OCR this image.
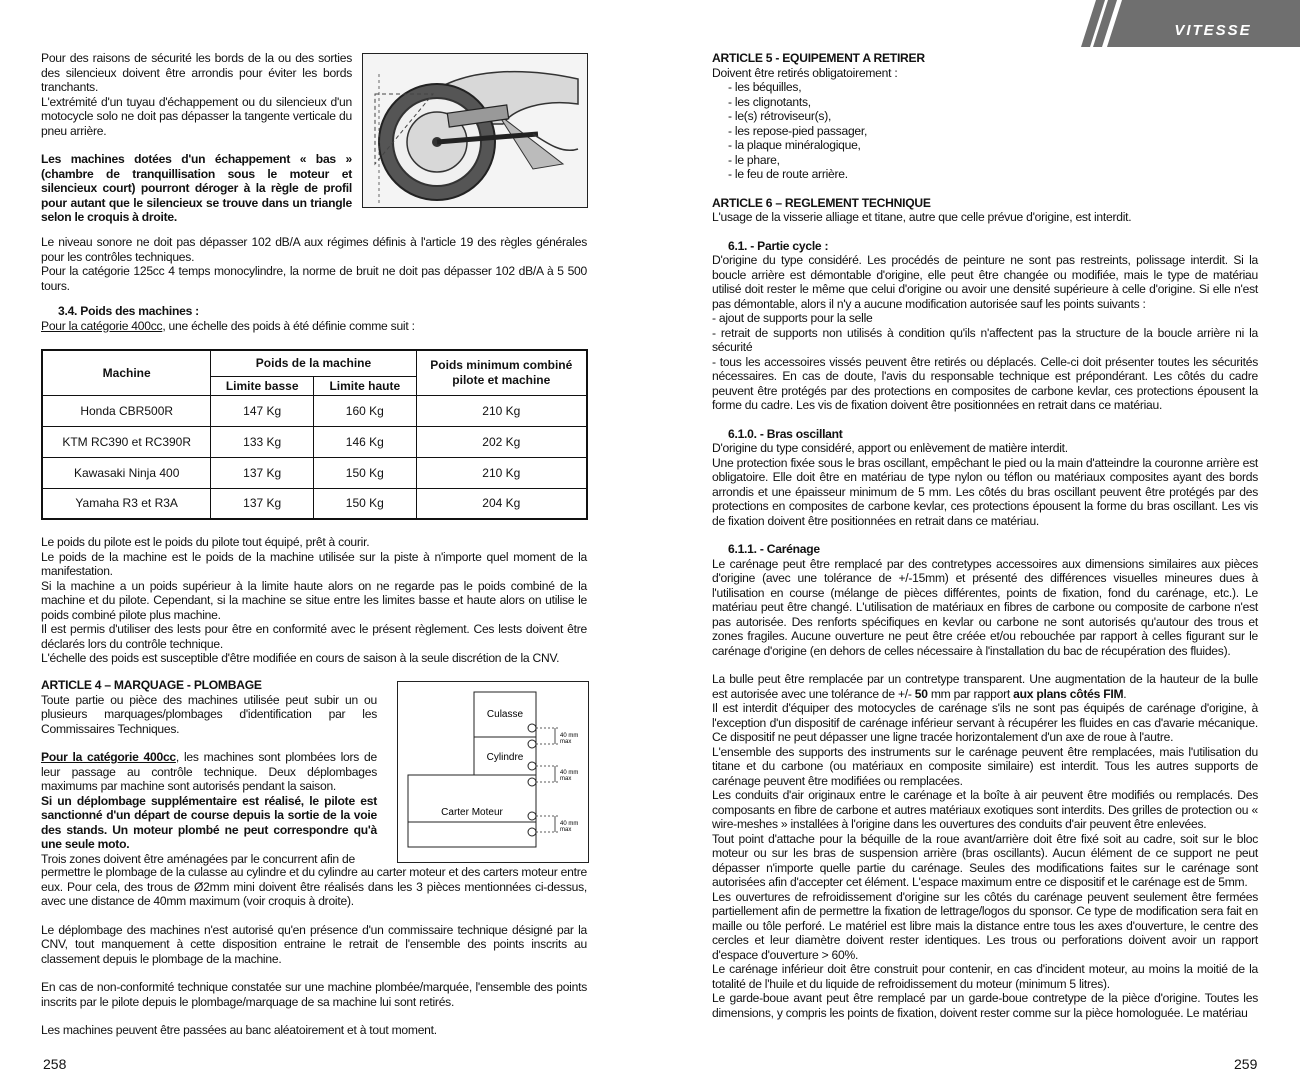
VITESSE

Pour des raisons de sécurité les bords de la ou des sorties des silencieux doivent être arrondis pour éviter les bords tranchants.

L'extrémité d'un tuyau d'échappement ou du silencieux d'un motocycle solo ne doit pas dépasser la tangente verticale du pneu arrière.

Les machines dotées d'un échappement « bas » (chambre de tranquillisation sous le moteur et silencieux court) pourront déroger à la règle de profil pour autant que le silencieux se trouve dans un triangle selon le croquis à droite.

Le niveau sonore ne doit pas dépasser 102 dB/A aux régimes définis à l'article 19 des règles générales pour les contrôles techniques.

Pour la catégorie 125cc 4 temps monocylindre, la norme de bruit ne doit pas dépasser 102 dB/A à 5 500 tours.

3.4. Poids des machines :

Pour la catégorie 400cc, une échelle des poids à été définie comme suit :

Machine	Poids de la machine		Poids minimum combiné pilote et machine
	Limite basse	Limite haute	
Honda CBR500R	147 Kg	160 Kg	210 Kg
KTM RC390 et RC390R	133 Kg	146 Kg	202 Kg
Kawasaki Ninja 400	137 Kg	150 Kg	210 Kg
Yamaha R3 et R3A	137 Kg	150 Kg	204 Kg

Le poids du pilote est le poids du pilote tout équipé, prêt à courir.

Le poids de la machine est le poids de la machine utilisée sur la piste à n'importe quel moment de la manifestation.

Si la machine a un poids supérieur à la limite haute alors on ne regarde pas le poids combiné de la machine et du pilote. Cependant, si la machine se situe entre les limites basse et haute alors on utilise le poids combiné pilote plus machine.

Il est permis d'utiliser des lests pour être en conformité avec le présent règlement. Ces lests doivent être déclarés lors du contrôle technique.

L'échelle des poids est susceptible d'être modifiée en cours de saison à la seule discrétion de la CNV.

ARTICLE 4 – MARQUAGE - PLOMBAGE

Toute partie ou pièce des machines utilisée peut subir un ou plusieurs marquages/plombages d'identification par les Commissaires Techniques.

Pour la catégorie 400cc, les machines sont plombées lors de leur passage au contrôle technique. Deux déplombages maximums par machine sont autorisés pendant la saison.

Si un déplombage supplémentaire est réalisé, le pilote est sanctionné d'un départ de course depuis la sortie de la voie des stands. Un moteur plombé ne peut correspondre qu'à une seule moto.

Trois zones doivent être aménagées par le concurrent afin de

Culasse
Cylindre
Carter Moteur
40 mm
max
40 mm
max
40 mm
max

permettre le plombage de la culasse au cylindre et du cylindre au carter moteur et des carters moteur entre eux. Pour cela, des trous de Ø2mm mini doivent être réalisés dans les 3 pièces mentionnées ci-dessus, avec une distance de 40mm maximum (voir croquis à droite).

Le déplombage des machines n'est autorisé qu'en présence d'un commissaire technique désigné par la CNV, tout manquement à cette disposition entraine le retrait de l'ensemble des points inscrits au classement depuis le plombage de la machine.

En cas de non-conformité technique constatée sur une machine plombée/marquée, l'ensemble des points inscrits par le pilote depuis le plombage/marquage de sa machine lui sont retirés.

Les machines peuvent être passées au banc aléatoirement et à tout moment.

258

ARTICLE 5 - EQUIPEMENT A RETIRER

Doivent être retirés obligatoirement :

- les béquilles,
- les clignotants,
- le(s) rétroviseur(s),
- les repose-pied passager,
- la plaque minéralogique,
- le phare,
- le feu de route arrière.

ARTICLE 6 – REGLEMENT TECHNIQUE

L'usage de la visserie alliage et titane, autre que celle prévue d'origine, est interdit.

6.1. - Partie cycle :

D'origine du type considéré. Les procédés de peinture ne sont pas restreints, polissage interdit. Si la boucle arrière est démontable d'origine, elle peut être changée ou modifiée, mais le type de matériau utilisé doit rester le même que celui d'origine ou avoir une densité supérieure à celle d'origine. Si elle n'est pas démontable, alors il n'y a aucune modification autorisée sauf les points suivants :

- ajout de supports pour la selle

- retrait de supports non utilisés à condition qu'ils n'affectent pas la structure de la boucle arrière ni la sécurité

- tous les accessoires vissés peuvent être retirés ou déplacés. Celle-ci doit présenter toutes les sécurités nécessaires. En cas de doute, l'avis du responsable technique est prépondérant. Les côtés du cadre peuvent être protégés par des protections en composites de carbone kevlar, ces protections épousent la forme du cadre. Les vis de fixation doivent être positionnées en retrait dans ce matériau.

6.1.0. - Bras oscillant

D'origine du type considéré, apport ou enlèvement de matière interdit.

Une protection fixée sous le bras oscillant, empêchant le pied ou la main d'atteindre la couronne arrière est obligatoire. Elle doit être en matériau de type nylon ou téflon ou matériaux composites ayant des bords arrondis et une épaisseur minimum de 5 mm. Les côtés du bras oscillant peuvent être protégés par des protections en composites de carbone kevlar, ces protections épousent la forme du bras oscillant. Les vis de fixation doivent être positionnées en retrait dans ce matériau.

6.1.1. - Carénage

Le carénage peut être remplacé par des contretypes accessoires aux dimensions similaires aux pièces d'origine (avec une tolérance de +/-15mm) et présenté des différences visuelles mineures dues à l'utilisation en course (mélange de pièces différentes, points de fixation, fond du carénage, etc.). Le matériau peut être changé. L'utilisation de matériaux en fibres de carbone ou composite de carbone n'est pas autorisée. Des renforts spécifiques en kevlar ou carbone ne sont autorisés qu'autour des trous et zones fragiles. Aucune ouverture ne peut être créée et/ou rebouchée par rapport à celles figurant sur le carénage d'origine (en dehors de celles nécessaire à l'installation du bac de récupération des fluides).

La bulle peut être remplacée par un contretype transparent. Une augmentation de la hauteur de la bulle est autorisée avec une tolérance de +/- 50 mm par rapport aux plans côtés FIM.

Il est interdit d'équiper des motocycles de carénage s'ils ne sont pas équipés de carénage d'origine, à l'exception d'un dispositif de carénage inférieur servant à récupérer les fluides en cas d'avarie mécanique. Ce dispositif ne peut dépasser une ligne tracée horizontalement d'un axe de roue à l'autre.

L'ensemble des supports des instruments sur le carénage peuvent être remplacées, mais l'utilisation du titane et du carbone (ou matériaux en composite similaire) est interdit. Tous les autres supports de carénage peuvent être modifiées ou remplacées.

Les conduits d'air originaux entre le carénage et la boîte à air peuvent être modifiés ou remplacés. Des composants en fibre de carbone et autres matériaux exotiques sont interdits. Des grilles de protection ou « wire-meshes » installées à l'origine dans les ouvertures des conduits d'air peuvent être enlevées.

Tout point d'attache pour la béquille de la roue avant/arrière doit être fixé soit au cadre, soit sur le bloc moteur ou sur les bras de suspension arrière (bras oscillants). Aucun élément de ce support ne peut dépasser n'importe quelle partie du carénage. Seules des modifications faites sur le carénage sont autorisées afin d'accepter cet élément. L'espace maximum entre ce dispositif et le carénage est de 5mm.

Les ouvertures de refroidissement d'origine sur les côtés du carénage peuvent seulement être fermées partiellement afin de permettre la fixation de lettrage/logos du sponsor. Ce type de modification sera fait en maille ou tôle perforé. Le matériel est libre mais la distance entre tous les axes d'ouverture, le centre des cercles et leur diamètre doivent rester identiques. Les trous ou perforations doivent avoir un rapport d'espace d'ouverture > 60%.

Le carénage inférieur doit être construit pour contenir, en cas d'incident moteur, au moins la moitié de la totalité de l'huile et du liquide de refroidissement du moteur (minimum 5 litres).

Le garde-boue avant peut être remplacé par un garde-boue contretype de la pièce d'origine. Toutes les dimensions, y compris les points de fixation, doivent rester comme sur la pièce homologuée. Le matériau

259
